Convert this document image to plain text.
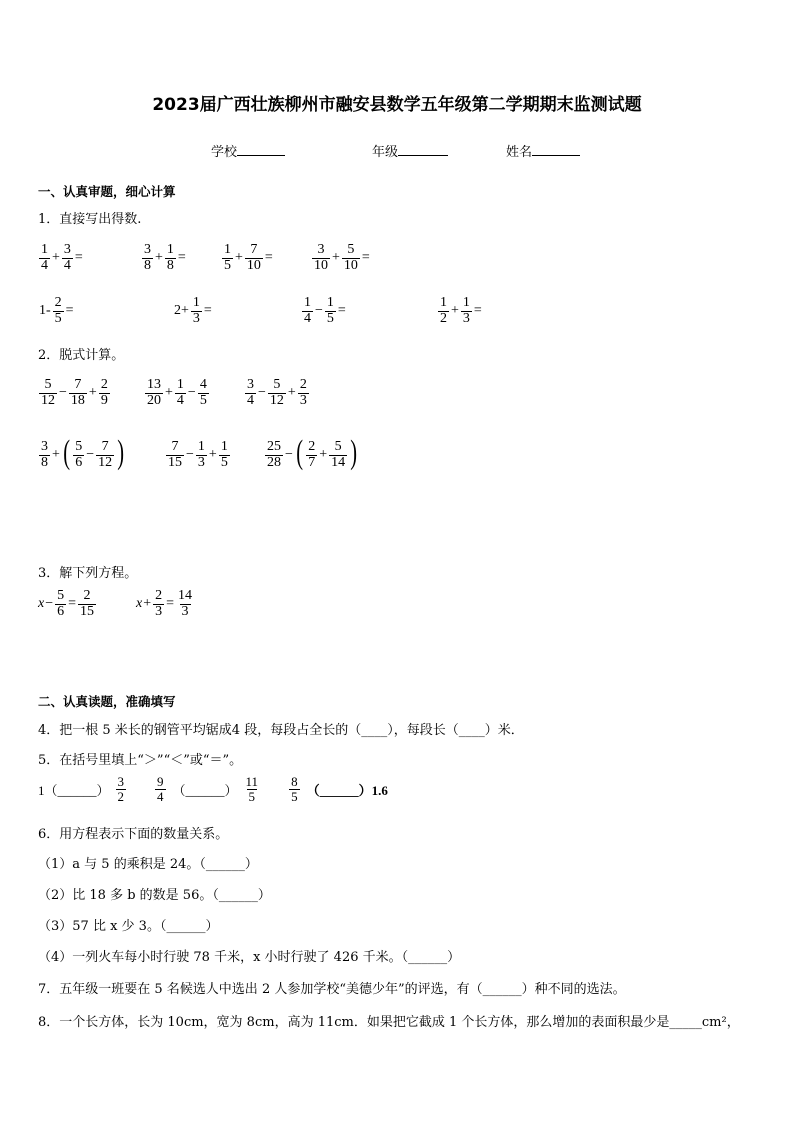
2023届广西壮族柳州市融安县数学五年级第二学期期末监测试题
学校	年级	姓名
一、认真审题，细心计算
1．直接写出得数.
$\frac{1}{4} + \frac{3}{4}$ =	$\frac{3}{8} + \frac{1}{8}$ =	$\frac{1}{5} + \frac{7}{10}$ =	$\frac{3}{10} + \frac{5}{10}$ =
$1- \frac{2}{5}$ =	$2+ \frac{1}{3}$ =	$\frac{1}{4} - \frac{1}{5}$ =	$\frac{1}{2} + \frac{1}{3}$ =
2．脱式计算。
$\frac{5}{12} - \frac{7}{18} + \frac{2}{9}$	$\frac{13}{20} + \frac{1}{4} - \frac{4}{5}$	$\frac{3}{4} - \frac{5}{12} + \frac{2}{3}$
$\frac{3}{8}$ + ( $\frac{5}{6} - \frac{7}{12}$ )	$\frac{7}{15} - \frac{1}{3} + \frac{1}{5}$	$\frac{25}{28}$ − ( $\frac{2}{7} + \frac{5}{14}$ )
3．解下列方程。
$x - \frac{5}{6} = \frac{2}{15}$	$x + \frac{2}{3} = \frac{14}{3}$
二、认真读题，准确填写
4．把一根 5 米长的钢管平均锯成4 段，每段占全长的（____），每段长（____）米．
5．在括号里填上“＞”“＜”或“＝”。
1（______） $\frac{3}{2} \frac{9}{4}$ （______） $\frac{11}{5} \frac{8}{5}$ （______）1.6
6．用方程表示下面的数量关系。
（1）a 与 5 的乘积是 24。（______）
（2）比 18 多 b 的数是 56。（______）
（3）57 比 x 少 3。（______）
（4）一列火车每小时行驶 78 千米，x 小时行驶了 426 千米。（______）
7．五年级一班要在 5 名候选人中选出 2 人参加学校“美德少年”的评选，有（______）种不同的选法。
8．一个长方体，长为 10cm，宽为 8cm，高为 11cm．如果把它截成 1 个长方体，那么增加的表面积最少是_____cm²，
